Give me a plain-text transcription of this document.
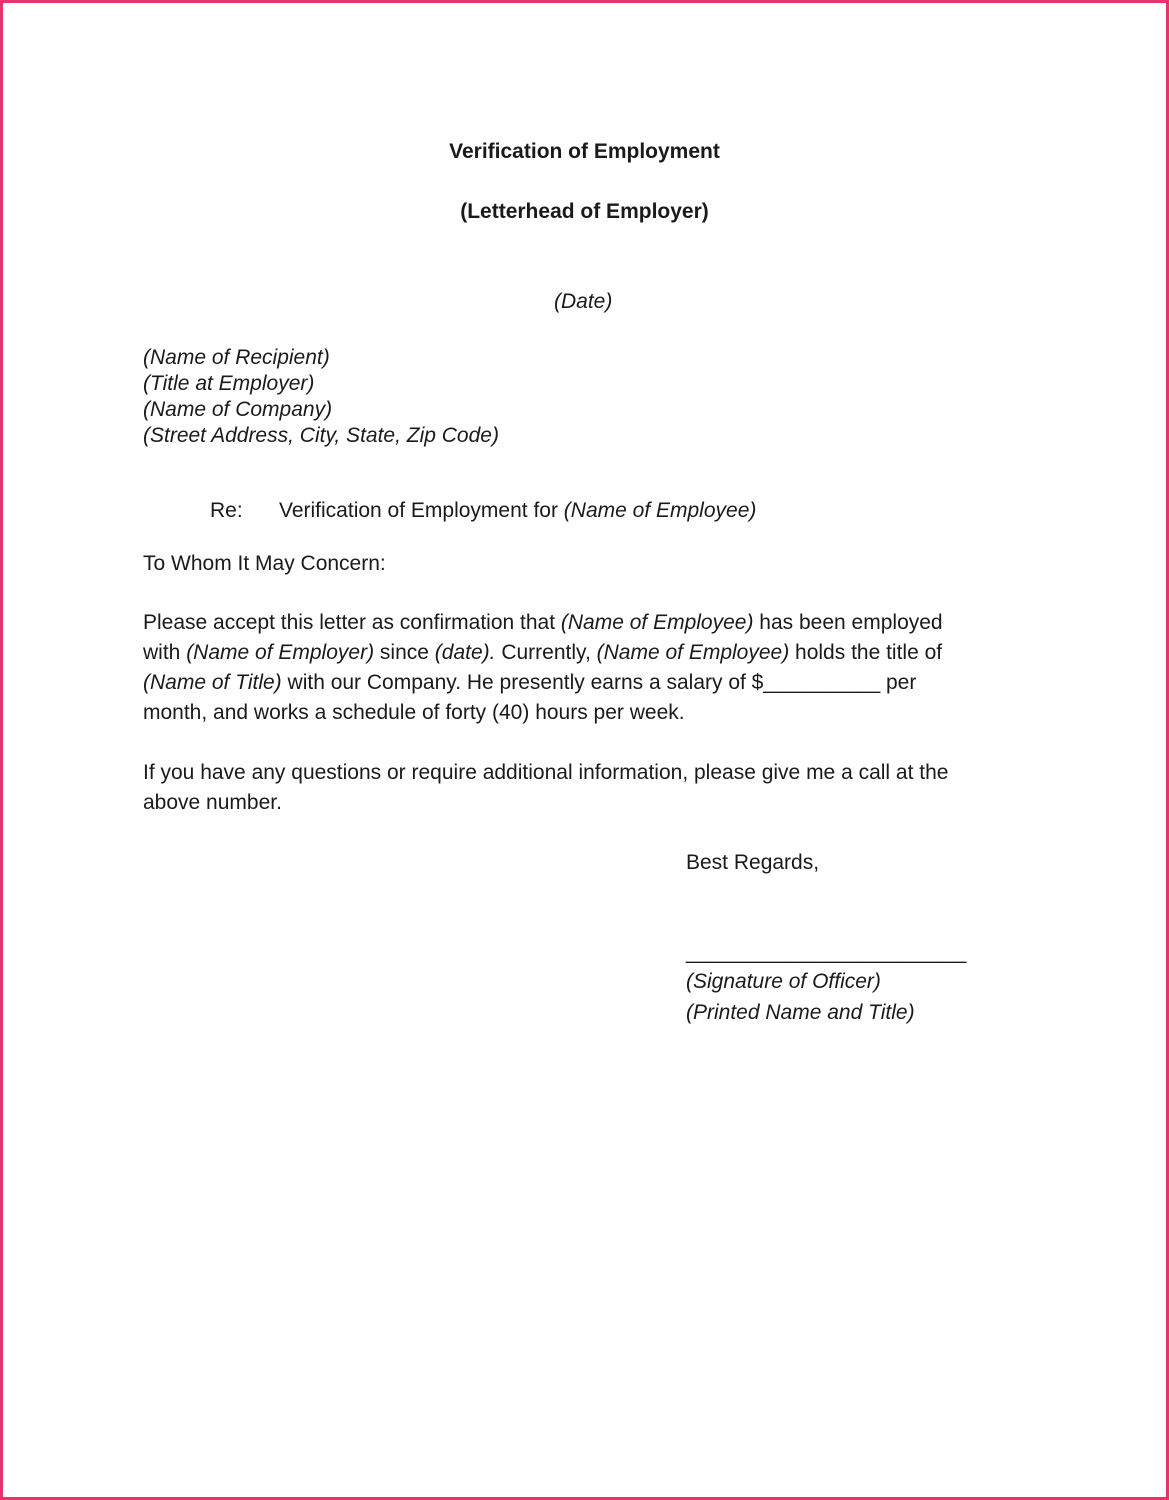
Verification of Employment
(Letterhead of Employer)
(Date)
(Name of Recipient)
(Title at Employer)
(Name of Company)
(Street Address, City, State, Zip Code)
Re: Verification of Employment for (Name of Employee)
To Whom It May Concern:
Please accept this letter as confirmation that (Name of Employee) has been employed
with (Name of Employer) since (date). Currently, (Name of Employee) holds the title of
(Name of Title) with our Company. He presently earns a salary of $__________ per
month, and works a schedule of forty (40) hours per week.
If you have any questions or require additional information, please give me a call at the
above number.
Best Regards,
________________________
(Signature of Officer)
(Printed Name and Title)
